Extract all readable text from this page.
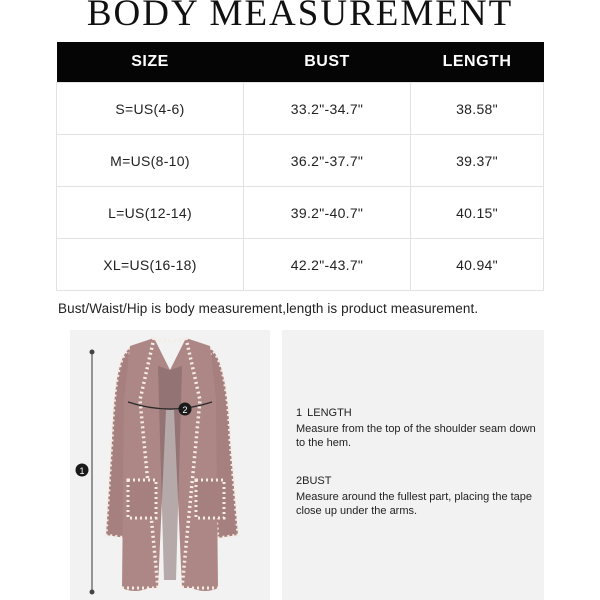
BODY MEASUREMENT
SIZE	BUST	LENGTH
S=US(4-6)	33.2"-34.7"	38.58"
M=US(8-10)	36.2"-37.7"	39.37"
L=US(12-14)	39.2"-40.7"	40.15"
XL=US(16-18)	42.2"-43.7"	40.94"
Bust/Waist/Hip is body measurement,length is product measurement.
1
2	1 LENGTH
Measure from the top of the shoulder seam down to the hem.
2BUST
Measure around the fullest part, placing the tape close up under the arms.
